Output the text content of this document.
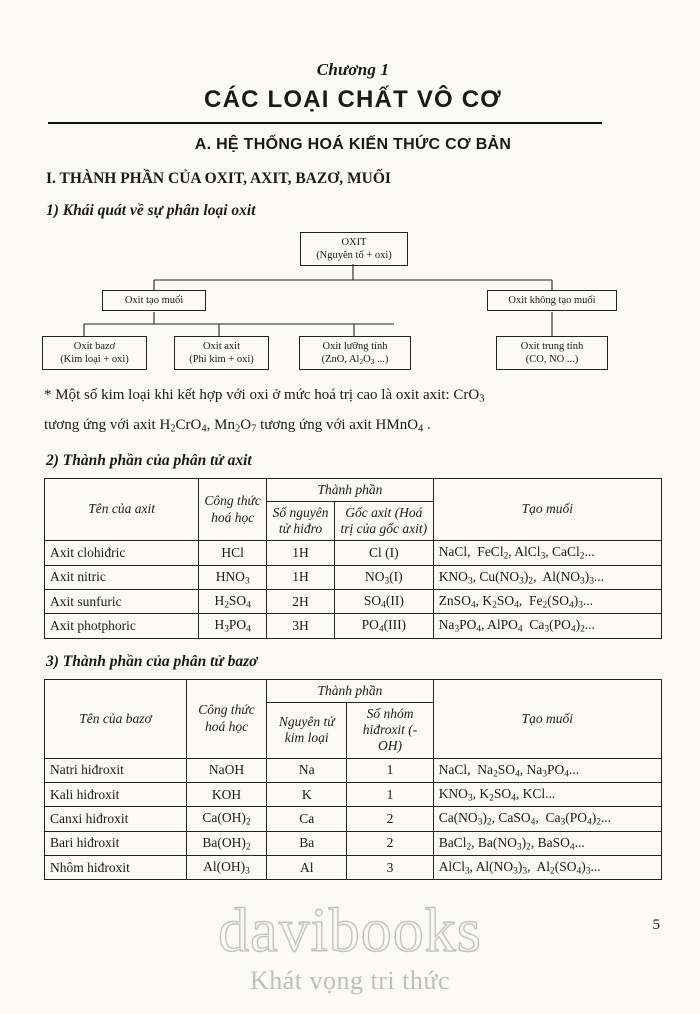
Chương 1
CÁC LOẠI CHẤT VÔ CƠ
A. HỆ THỐNG HOÁ KIẾN THỨC CƠ BẢN
I. THÀNH PHẦN CỦA OXIT, AXIT, BAZƠ, MUỐI
1) Khái quát về sự phân loại oxit
OXIT
(Nguyên tố + oxi)
Oxit tạo muối	Oxit không tạo muối
Oxit bazơ
(Kim loại + oxi)
Oxit axit
(Phi kim + oxi)
Oxit lưỡng tính
(ZnO, $Al_2O_3$ ...)
Oxit trung tính
(CO, NO ...)
* Một số kim loại khi kết hợp với oxi ở mức hoá trị cao là oxit axit: CrO$_3$
tương ứng với axit $H_2CrO_4$, $Mn_2O_7$ tương ứng với axit HMnO$_4$ .
2) Thành phần của phân tử axit
Tên của axit	Công thức hoá học	Thành phần		Tạo muối
		Số nguyên tử hiđro	Gốc axit (Hoá trị của gốc axit)	
Axit clohiđric	HCl	1H	Cl (I)	NaCl,  FeCl$_2$, AlCl$_3$, CaCl$_2$...
Axit nitric	$HNO_3$	1H	$NO_3(I)$	$KNO_3$, $Cu(NO_3)_2$,  $Al(NO_3)_3$...
Axit sunfuric	$H_2SO_4$	2H	$SO_4(II)$	ZnSO$_4$, $K_2SO_4$,  $Fe_2(SO_4)_3$...
Axit photphoric	$H_3PO_4$	3H	$PO_4(III)$	$Na_3PO_4$, AlPO$_4$  $Ca_3(PO_4)_2$...
3) Thành phần của phân tử bazơ
Tên của bazơ	Công thức hoá học	Thành phần		Tạo muối
		Nguyên tử kim loại	Số nhóm hiđroxit (-OH)	
Natri hiđroxit	NaOH	Na	1	NaCl,  $Na_2SO_4$, $Na_3PO_4$...
Kali hiđroxit	KOH	K	1	$KNO_3$, $K_2SO_4$, KCl...
Canxi hiđroxit	$Ca(OH)_2$	Ca	2	$Ca(NO_3)_2$, CaSO$_4$,  $Ca_3(PO_4)_2$...
Bari hiđroxit	$Ba(OH)_2$	Ba	2	BaCl$_2$, $Ba(NO_3)_2$, BaSO$_4$...
Nhôm hiđroxit	$Al(OH)_3$	Al	3	AlCl$_3$, $Al(NO_3)_3$,  $Al_2(SO_4)_3$...
5
davibooks
Khát vọng tri thức
